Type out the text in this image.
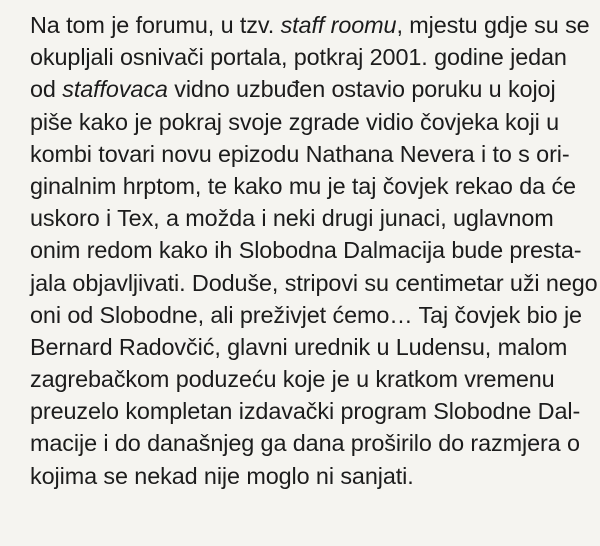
Na tom je forumu, u tzv. staff roomu, mjestu gdje su se
okupljali osnivači portala, potkraj 2001. godine jedan
od staffovaca vidno uzbuđen ostavio poruku u kojoj
piše kako je pokraj svoje zgrade vidio čovjeka koji u
kombi tovari novu epizodu Nathana Nevera i to s ori-
ginalnim hrptom, te kako mu je taj čovjek rekao da će
uskoro i Tex, a možda i neki drugi junaci, uglavnom
onim redom kako ih Slobodna Dalmacija bude presta-
jala objavljivati. Doduše, stripovi su centimetar uži nego
oni od Slobodne, ali preživjet ćemo… Taj čovjek bio je
Bernard Radovčić, glavni urednik u Ludensu, malom
zagrebačkom poduzeću koje je u kratkom vremenu
preuzelo kompletan izdavački program Slobodne Dal-
macije i do današnjeg ga dana proširilo do razmjera o
kojima se nekad nije moglo ni sanjati.
